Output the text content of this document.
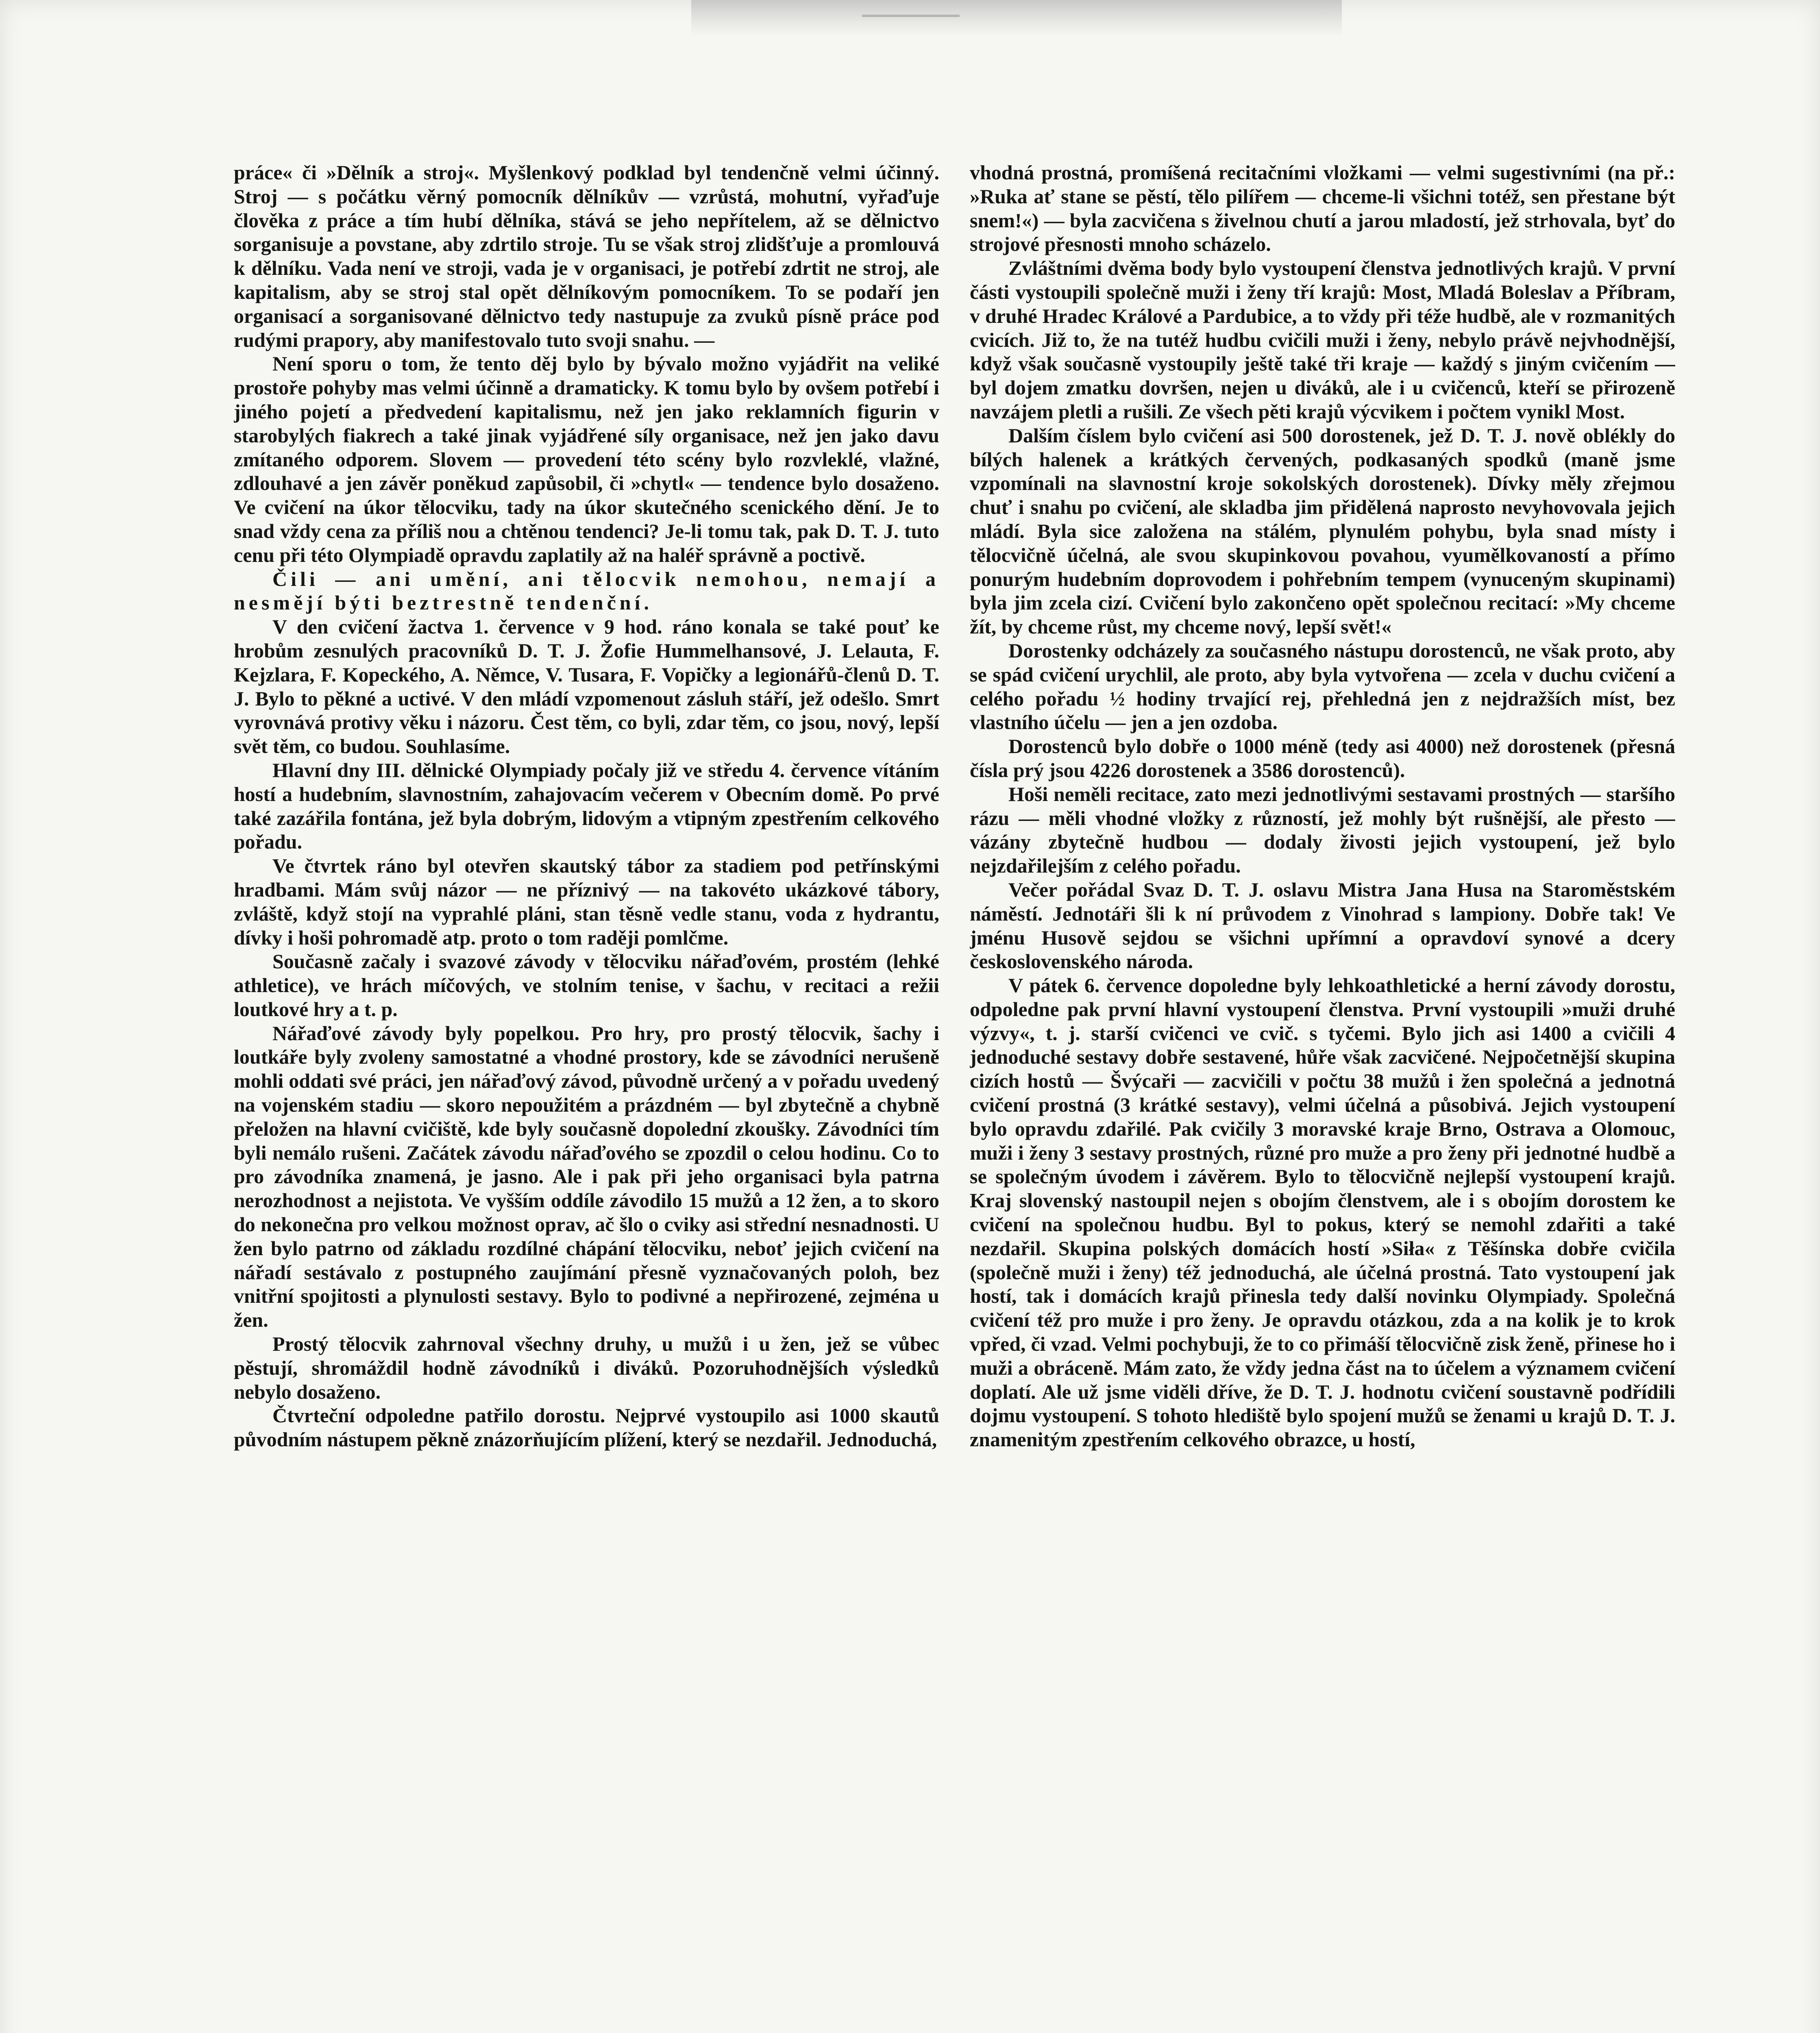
práce« či »Dělník a stroj«. Myšlenkový podklad byl tendenčně velmi účinný. Stroj — s počátku věrný pomocník dělníkův — vzrůstá, mohutní, vyřaďuje člověka z práce a tím hubí dělníka, stává se jeho nepřítelem, až se dělnictvo sorganisuje a povstane, aby zdrtilo stroje. Tu se však stroj zlidšťuje a promlouvá k dělníku. Vada není ve stroji, vada je v organisaci, je potřebí zdrtit ne stroj, ale kapitalism, aby se stroj stal opět dělníkovým pomocníkem. To se podaří jen organisací a sorganisované dělnictvo tedy nastupuje za zvuků písně práce pod rudými prapory, aby manifestovalo tuto svoji snahu. —

Není sporu o tom, že tento děj bylo by bývalo možno vyjádřit na veliké prostoře pohyby mas velmi účinně a dramaticky. K tomu bylo by ovšem potřebí i jiného pojetí a předvedení kapitalismu, než jen jako reklamních figurin v starobylých fiakrech a také jinak vyjádřené síly organisace, než jen jako davu zmítaného odporem. Slovem — provedení této scény bylo rozvleklé, vlažné, zdlouhavé a jen závěr poněkud zapůsobil, či »chytl« — tendence bylo dosaženo. Ve cvičení na úkor tělocviku, tady na úkor skutečného scenického dění. Je to snad vždy cena za příliš nou a chtěnou tendenci? Je-li tomu tak, pak D. T. J. tuto cenu při této Olympiadě opravdu zaplatily až na haléř správně a poctivě.

Čili — ani umění, ani tělocvik nemohou, nemají a nesmějí býti beztrestně tendenční.

V den cvičení žactva 1. července v 9 hod. ráno konala se také pouť ke hrobům zesnulých pracovníků D. T. J. Žofie Hummelhansové, J. Lelauta, F. Kejzlara, F. Kopeckého, A. Němce, V. Tusara, F. Vopičky a legionářů-členů D. T. J. Bylo to pěkné a uctivé. V den mládí vzpomenout zásluh stáří, jež odešlo. Smrt vyrovnává protivy věku i názoru. Čest těm, co byli, zdar těm, co jsou, nový, lepší svět těm, co budou. Souhlasíme.

Hlavní dny III. dělnické Olympiady počaly již ve středu 4. července vítáním hostí a hudebním, slavnostním, zahajovacím večerem v Obecním domě. Po prvé také zazářila fontána, jež byla dobrým, lidovým a vtipným zpestřením celkového pořadu.

Ve čtvrtek ráno byl otevřen skautský tábor za stadiem pod petřínskými hradbami. Mám svůj názor — ne příznivý — na takovéto ukázkové tábory, zvláště, když stojí na vyprahlé pláni, stan těsně vedle stanu, voda z hydrantu, dívky i hoši pohromadě atp. proto o tom raději pomlčme.

Současně začaly i svazové závody v tělocviku nářaďovém, prostém (lehké athletice), ve hrách míčových, ve stolním tenise, v šachu, v recitaci a režii loutkové hry a t. p.

Nářaďové závody byly popelkou. Pro hry, pro prostý tělocvik, šachy i loutkáře byly zvoleny samostatné a vhodné prostory, kde se závodníci nerušeně mohli oddati své práci, jen nářaďový závod, původně určený a v pořadu uvedený na vojenském stadiu — skoro nepoužitém a prázdném — byl zbytečně a chybně přeložen na hlavní cvičiště, kde byly současně dopolední zkoušky. Závodníci tím byli nemálo rušeni. Začátek závodu nářaďového se zpozdil o celou hodinu. Co to pro závodníka znamená, je jasno. Ale i pak při jeho organisaci byla patrna nerozhodnost a nejistota. Ve vyšším oddíle závodilo 15 mužů a 12 žen, a to skoro do nekonečna pro velkou možnost oprav, ač šlo o cviky asi střední nesnadnosti. U žen bylo patrno od základu rozdílné chápání tělocviku, neboť jejich cvičení na nářadí sestávalo z postupného zaujímání přesně vyznačovaných poloh, bez vnitřní spojitosti a plynulosti sestavy. Bylo to podivné a nepřirozené, zejména u žen.

Prostý tělocvik zahrnoval všechny druhy, u mužů i u žen, jež se vůbec pěstují, shromáždil hodně závodníků i diváků. Pozoruhodnějších výsledků nebylo dosaženo.

Čtvrteční odpoledne patřilo dorostu. Nejprvé vystoupilo asi 1000 skautů původním nástupem pěkně znázorňujícím plížení, který se nezdařil. Jednoduchá,

vhodná prostná, promíšená recitačními vložkami — velmi sugestivními (na př.: »Ruka ať stane se pěstí, tělo pilířem — chceme-li všichni totéž, sen přestane být snem!«) — byla zacvičena s živelnou chutí a jarou mladostí, jež strhovala, byť do strojové přesnosti mnoho scházelo.

Zvláštními dvěma body bylo vystoupení členstva jednotlivých krajů. V první části vystoupili společně muži i ženy tří krajů: Most, Mladá Boleslav a Příbram, v druhé Hradec Králové a Pardubice, a to vždy při téže hudbě, ale v rozmanitých cvicích. Již to, že na tutéž hudbu cvičili muži i ženy, nebylo právě nejvhodnější, když však současně vystoupily ještě také tři kraje — každý s jiným cvičením — byl dojem zmatku dovršen, nejen u diváků, ale i u cvičenců, kteří se přirozeně navzájem pletli a rušili. Ze všech pěti krajů výcvikem i počtem vynikl Most.

Dalším číslem bylo cvičení asi 500 dorostenek, jež D. T. J. nově oblékly do bílých halenek a krátkých červených, podkasaných spodků (maně jsme vzpomínali na slavnostní kroje sokolských dorostenek). Dívky měly zřejmou chuť i snahu po cvičení, ale skladba jim přidělená naprosto nevyhovovala jejich mládí. Byla sice založena na stálém, plynulém pohybu, byla snad místy i tělocvičně účelná, ale svou skupinkovou povahou, vyumělkovaností a přímo ponurým hudebním doprovodem i pohřebním tempem (vynuceným skupinami) byla jim zcela cizí. Cvičení bylo zakončeno opět společnou recitací: »My chceme žít, by chceme růst, my chceme nový, lepší svět!«

Dorostenky odcházely za současného nástupu dorostenců, ne však proto, aby se spád cvičení urychlil, ale proto, aby byla vytvořena — zcela v duchu cvičení a celého pořadu ½ hodiny trvající rej, přehledná jen z nejdražších míst, bez vlastního účelu — jen a jen ozdoba.

Dorostenců bylo dobře o 1000 méně (tedy asi 4000) než dorostenek (přesná čísla prý jsou 4226 dorostenek a 3586 dorostenců).

Hoši neměli recitace, zato mezi jednotlivými sestavami prostných — staršího rázu — měli vhodné vložky z růzností, jež mohly být rušnější, ale přesto — vázány zbytečně hudbou — dodaly živosti jejich vystoupení, jež bylo nejzdařilejším z celého pořadu.

Večer pořádal Svaz D. T. J. oslavu Mistra Jana Husa na Staroměstském náměstí. Jednotáři šli k ní průvodem z Vinohrad s lampiony. Dobře tak! Ve jménu Husově sejdou se všichni upřímní a opravdoví synové a dcery československého národa.

V pátek 6. července dopoledne byly lehkoathletické a herní závody dorostu, odpoledne pak první hlavní vystoupení členstva. První vystoupili »muži druhé výzvy«, t. j. starší cvičenci ve cvič. s tyčemi. Bylo jich asi 1400 a cvičili 4 jednoduché sestavy dobře sestavené, hůře však zacvičené. Nejpočetnější skupina cizích hostů — Švýcaři — zacvičili v počtu 38 mužů i žen společná a jednotná cvičení prostná (3 krátké sestavy), velmi účelná a působivá. Jejich vystoupení bylo opravdu zdařilé. Pak cvičily 3 moravské kraje Brno, Ostrava a Olomouc, muži i ženy 3 sestavy prostných, různé pro muže a pro ženy při jednotné hudbě a se společným úvodem i závěrem. Bylo to tělocvičně nejlepší vystoupení krajů. Kraj slovenský nastoupil nejen s obojím členstvem, ale i s obojím dorostem ke cvičení na společnou hudbu. Byl to pokus, který se nemohl zdařiti a také nezdařil. Skupina polských domácích hostí »Siła« z Těšínska dobře cvičila (společně muži i ženy) též jednoduchá, ale účelná prostná. Tato vystoupení jak hostí, tak i domácích krajů přinesla tedy další novinku Olympiady. Společná cvičení též pro muže i pro ženy. Je opravdu otázkou, zda a na kolik je to krok vpřed, či vzad. Velmi pochybuji, že to co přimáší tělocvičně zisk ženě, přinese ho i muži a obráceně. Mám zato, že vždy jedna část na to účelem a významem cvičení doplatí. Ale už jsme viděli dříve, že D. T. J. hodnotu cvičení soustavně podřídili dojmu vystoupení. S tohoto hlediště bylo spojení mužů se ženami u krajů D. T. J. znamenitým zpestřením celkového obrazce, u hostí,
